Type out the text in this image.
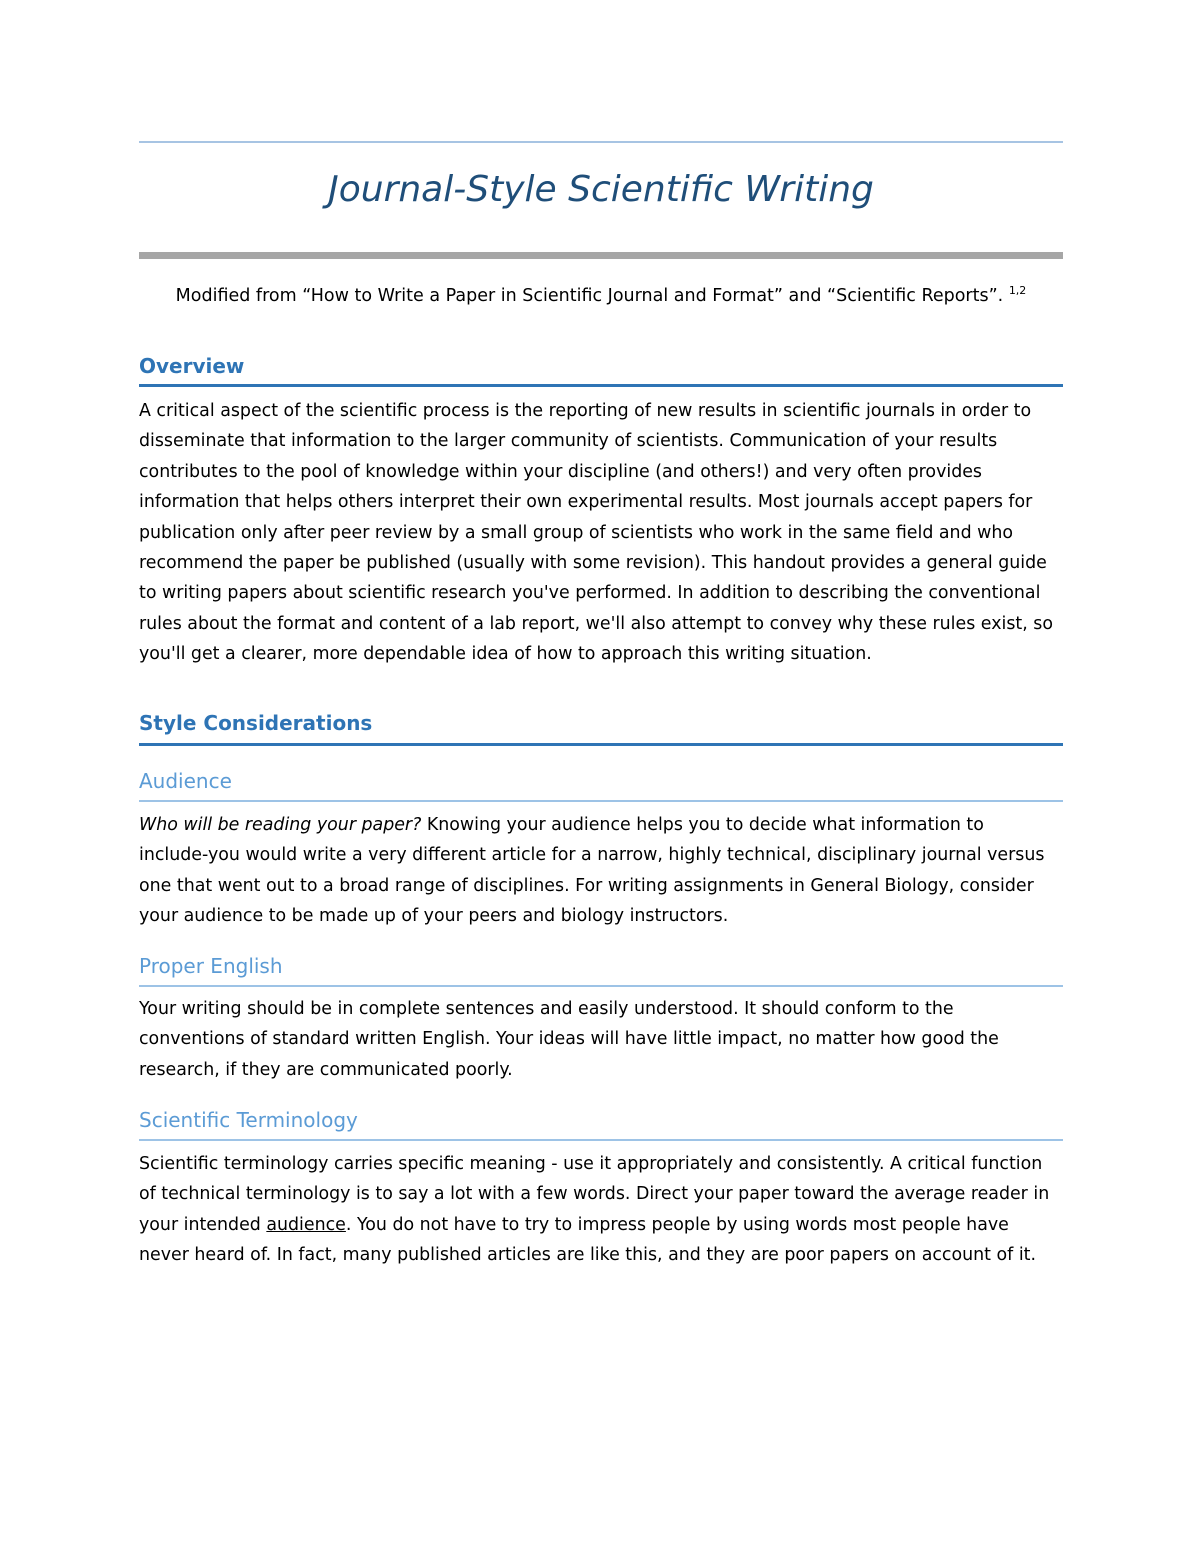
Journal-Style Scientific Writing
Modified from “How to Write a Paper in Scientific Journal and Format” and “Scientific Reports”. $^{1,2}$
Overview
A critical aspect of the scientific process is the reporting of new results in scientific journals in order to
disseminate that information to the larger community of scientists. Communication of your results
contributes to the pool of knowledge within your discipline (and others!) and very often provides
information that helps others interpret their own experimental results. Most journals accept papers for
publication only after peer review by a small group of scientists who work in the same field and who
recommend the paper be published (usually with some revision). This handout provides a general guide
to writing papers about scientific research you've performed. In addition to describing the conventional
rules about the format and content of a lab report, we'll also attempt to convey why these rules exist, so
you'll get a clearer, more dependable idea of how to approach this writing situation.
Style Considerations
Audience
Who will be reading your paper? Knowing your audience helps you to decide what information to
include-you would write a very different article for a narrow, highly technical, disciplinary journal versus
one that went out to a broad range of disciplines. For writing assignments in General Biology, consider
your audience to be made up of your peers and biology instructors.
Proper English
Your writing should be in complete sentences and easily understood. It should conform to the
conventions of standard written English. Your ideas will have little impact, no matter how good the
research, if they are communicated poorly.
Scientific Terminology
Scientific terminology carries specific meaning - use it appropriately and consistently. A critical function
of technical terminology is to say a lot with a few words. Direct your paper toward the average reader in
your intended audience. You do not have to try to impress people by using words most people have
never heard of. In fact, many published articles are like this, and they are poor papers on account of it.
